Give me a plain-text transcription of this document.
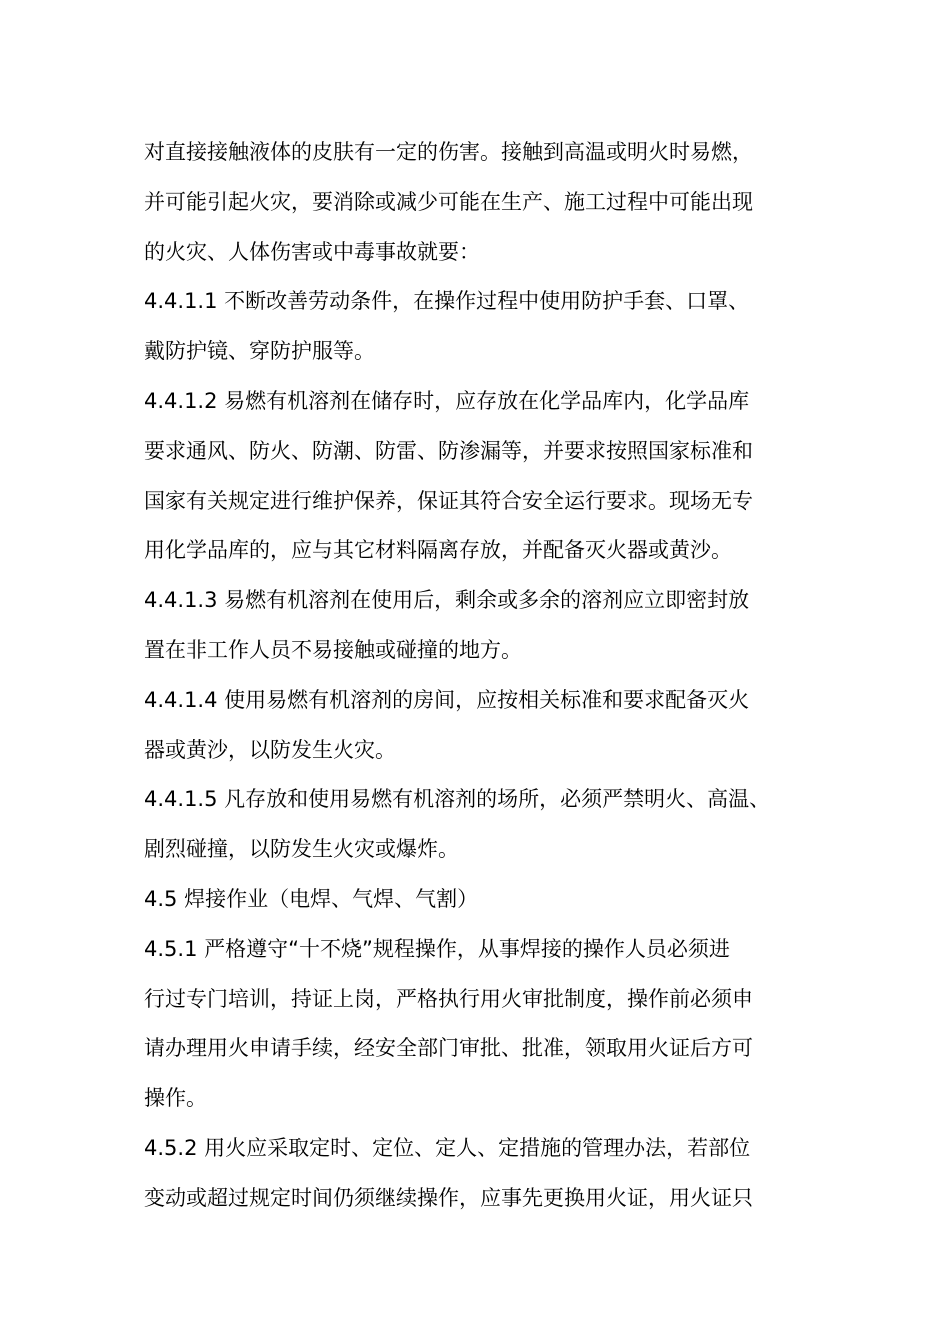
对直接接触液体的皮肤有一定的伤害。接触到高温或明火时易燃，
并可能引起火灾，要消除或减少可能在生产、施工过程中可能出现
的火灾、人体伤害或中毒事故就要：
4.4.1.1 不断改善劳动条件，在操作过程中使用防护手套、口罩、
戴防护镜、穿防护服等。
4.4.1.2 易燃有机溶剂在储存时，应存放在化学品库内，化学品库
要求通风、防火、防潮、防雷、防渗漏等，并要求按照国家标准和
国家有关规定进行维护保养，保证其符合安全运行要求。现场无专
用化学品库的，应与其它材料隔离存放，并配备灭火器或黄沙。
4.4.1.3 易燃有机溶剂在使用后，剩余或多余的溶剂应立即密封放
置在非工作人员不易接触或碰撞的地方。
4.4.1.4 使用易燃有机溶剂的房间，应按相关标准和要求配备灭火
器或黄沙，以防发生火灾。
4.4.1.5 凡存放和使用易燃有机溶剂的场所，必须严禁明火、高温、
剧烈碰撞，以防发生火灾或爆炸。
4.5 焊接作业（电焊、气焊、气割）
4.5.1 严格遵守“十不烧”规程操作，从事焊接的操作人员必须进
行过专门培训，持证上岗，严格执行用火审批制度，操作前必须申
请办理用火申请手续，经安全部门审批、批准，领取用火证后方可
操作。
4.5.2 用火应采取定时、定位、定人、定措施的管理办法，若部位
变动或超过规定时间仍须继续操作，应事先更换用火证，用火证只
